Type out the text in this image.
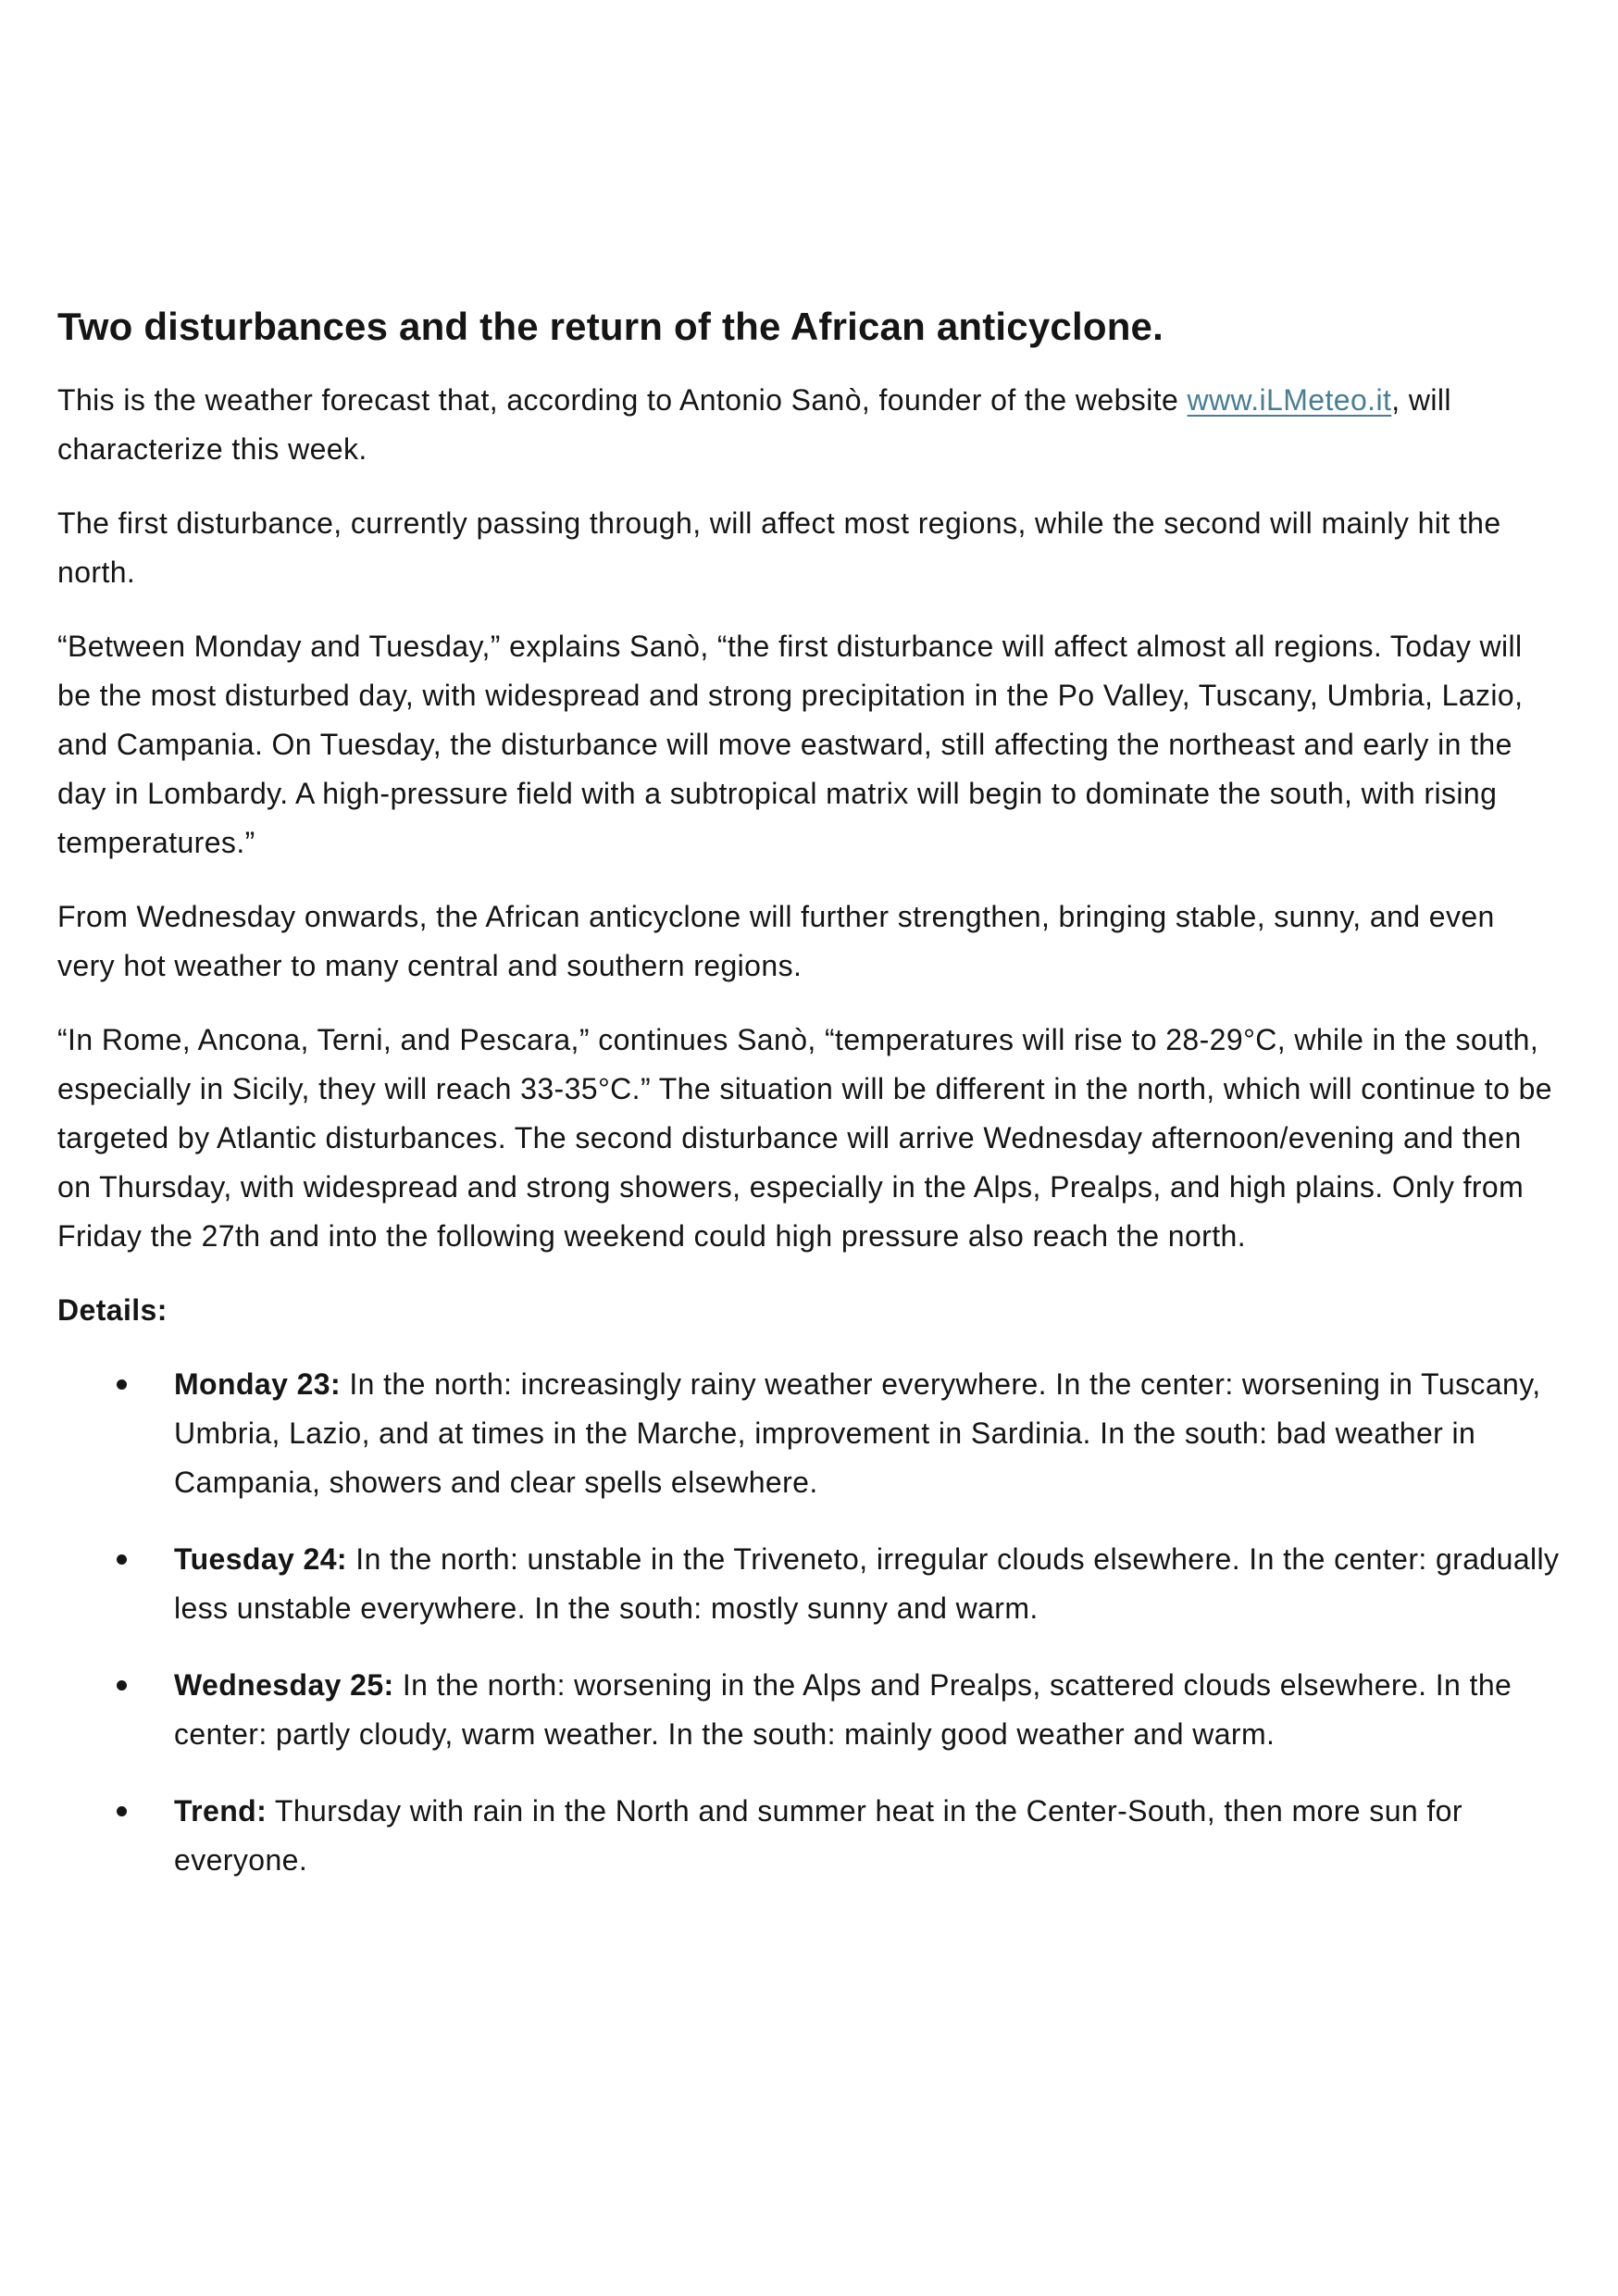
Two disturbances and the return of the African anticyclone.

This is the weather forecast that, according to Antonio Sanò, founder of the website www.iLMeteo.it, will characterize this week.

The first disturbance, currently passing through, will affect most regions, while the second will mainly hit the north.

“Between Monday and Tuesday,” explains Sanò, “the first disturbance will affect almost all regions. Today will be the most disturbed day, with widespread and strong precipitation in the Po Valley, Tuscany, Umbria, Lazio, and Campania. On Tuesday, the disturbance will move eastward, still affecting the northeast and early in the day in Lombardy. A high-pressure field with a subtropical matrix will begin to dominate the south, with rising temperatures.”

From Wednesday onwards, the African anticyclone will further strengthen, bringing stable, sunny, and even very hot weather to many central and southern regions.

“In Rome, Ancona, Terni, and Pescara,” continues Sanò, “temperatures will rise to 28-29°C, while in the south, especially in Sicily, they will reach 33-35°C.” The situation will be different in the north, which will continue to be targeted by Atlantic disturbances. The second disturbance will arrive Wednesday afternoon/evening and then on Thursday, with widespread and strong showers, especially in the Alps, Prealps, and high plains. Only from Friday the 27th and into the following weekend could high pressure also reach the north.

Details:

Monday 23: In the north: increasingly rainy weather everywhere. In the center: worsening in Tuscany, Umbria, Lazio, and at times in the Marche, improvement in Sardinia. In the south: bad weather in Campania, showers and clear spells elsewhere.
Tuesday 24: In the north: unstable in the Triveneto, irregular clouds elsewhere. In the center: gradually less unstable everywhere. In the south: mostly sunny and warm.
Wednesday 25: In the north: worsening in the Alps and Prealps, scattered clouds elsewhere. In the center: partly cloudy, warm weather. In the south: mainly good weather and warm.
Trend: Thursday with rain in the North and summer heat in the Center-South, then more sun for everyone.
